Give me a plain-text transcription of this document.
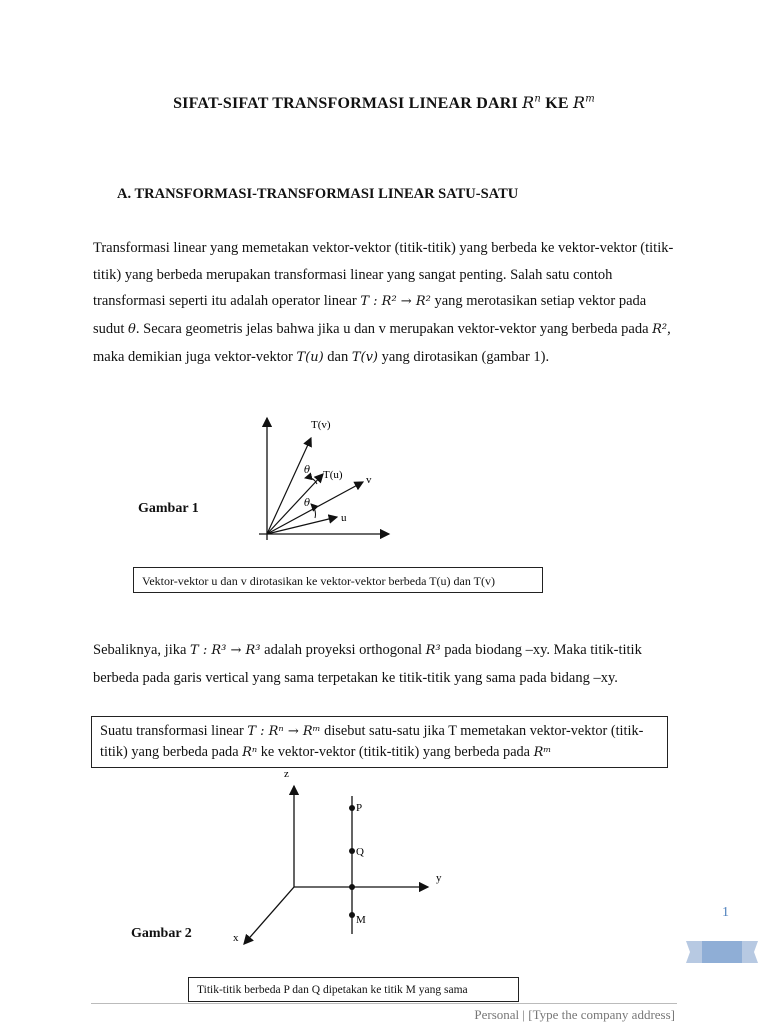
SIFAT-SIFAT TRANSFORMASI LINEAR DARI $R^n$ KE $R^m$
A. TRANSFORMASI-TRANSFORMASI LINEAR SATU-SATU

Transformasi linear yang memetakan vektor-vektor (titik-titik) yang berbeda ke vektor-vektor (titik-titik) yang berbeda merupakan transformasi linear yang sangat penting. Salah satu contoh transformasi seperti itu adalah operator linear T : R² → R² yang merotasikan setiap vektor pada sudut θ. Secara geometris jelas bahwa jika u dan v merupakan vektor-vektor yang berbeda pada R², maka demikian juga vektor-vektor T(u) dan T(v) yang dirotasikan (gambar 1).

Gambar 1
T(v)
T(u) v
u
θ
θ
Vektor-vektor u dan v dirotasikan ke vektor-vektor berbeda T(u) dan T(v)

Sebaliknya, jika T : R³ → R³ adalah proyeksi orthogonal R³ pada biodang –xy. Maka titik-titik berbeda pada garis vertical yang sama terpetakan ke titik-titik yang sama pada bidang –xy.

Suatu transformasi linear T : Rⁿ → Rᵐ disebut satu-satu jika T memetakan vektor-vektor (titik-titik) yang berbeda pada Rⁿ ke vektor-vektor (titik-titik) yang berbeda pada Rᵐ
Gambar 2
z
y
x
P
Q
M
Titik-titik berbeda P dan Q dipetakan ke titik M yang sama
1
Personal | [Type the company address]
